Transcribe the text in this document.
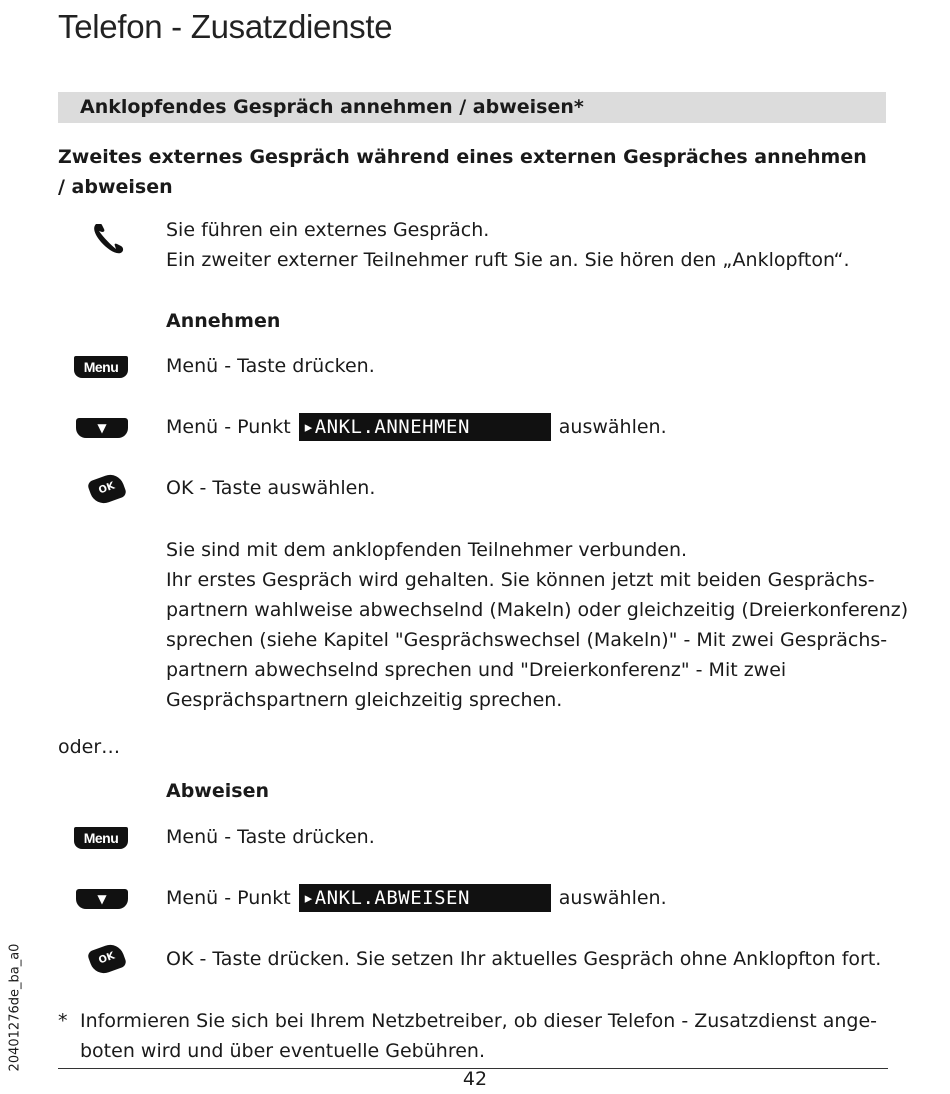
Telefon - Zusatzdienste
Anklopfendes Gespräch annehmen / abweisen*
Zweites externes Gespräch während eines externen Gespräches annehmen / abweisen
Sie führen ein externes Gespräch.
Ein zweiter externer Teilnehmer ruft Sie an. Sie hören den „Anklopfton“.
Annehmen
Menu	Menü - Taste drücken.
▼	Menü - Punkt ▸ANKL.ANNEHMEN	auswählen.
OK	OK - Taste auswählen.
Sie sind mit dem anklopfenden Teilnehmer verbunden.
Ihr erstes Gespräch wird gehalten. Sie können jetzt mit beiden Gesprächs-
partnern wahlweise abwechselnd (Makeln) oder gleichzeitig (Dreierkonferenz)
sprechen (siehe Kapitel "Gesprächswechsel (Makeln)" - Mit zwei Gesprächs-
partnern abwechselnd sprechen und "Dreierkonferenz" - Mit zwei
Gesprächspartnern gleichzeitig sprechen.
oder…
Abweisen
Menu	Menü - Taste drücken.
▼	Menü - Punkt ▸ANKL.ABWEISEN	auswählen.
OK	OK - Taste drücken. Sie setzen Ihr aktuelles Gespräch ohne Anklopfton fort.
* Informieren Sie sich bei Ihrem Netzbetreiber, ob dieser Telefon - Zusatzdienst ange-
boten wird und über eventuelle Gebühren.
42
20401276de_ba_a0
